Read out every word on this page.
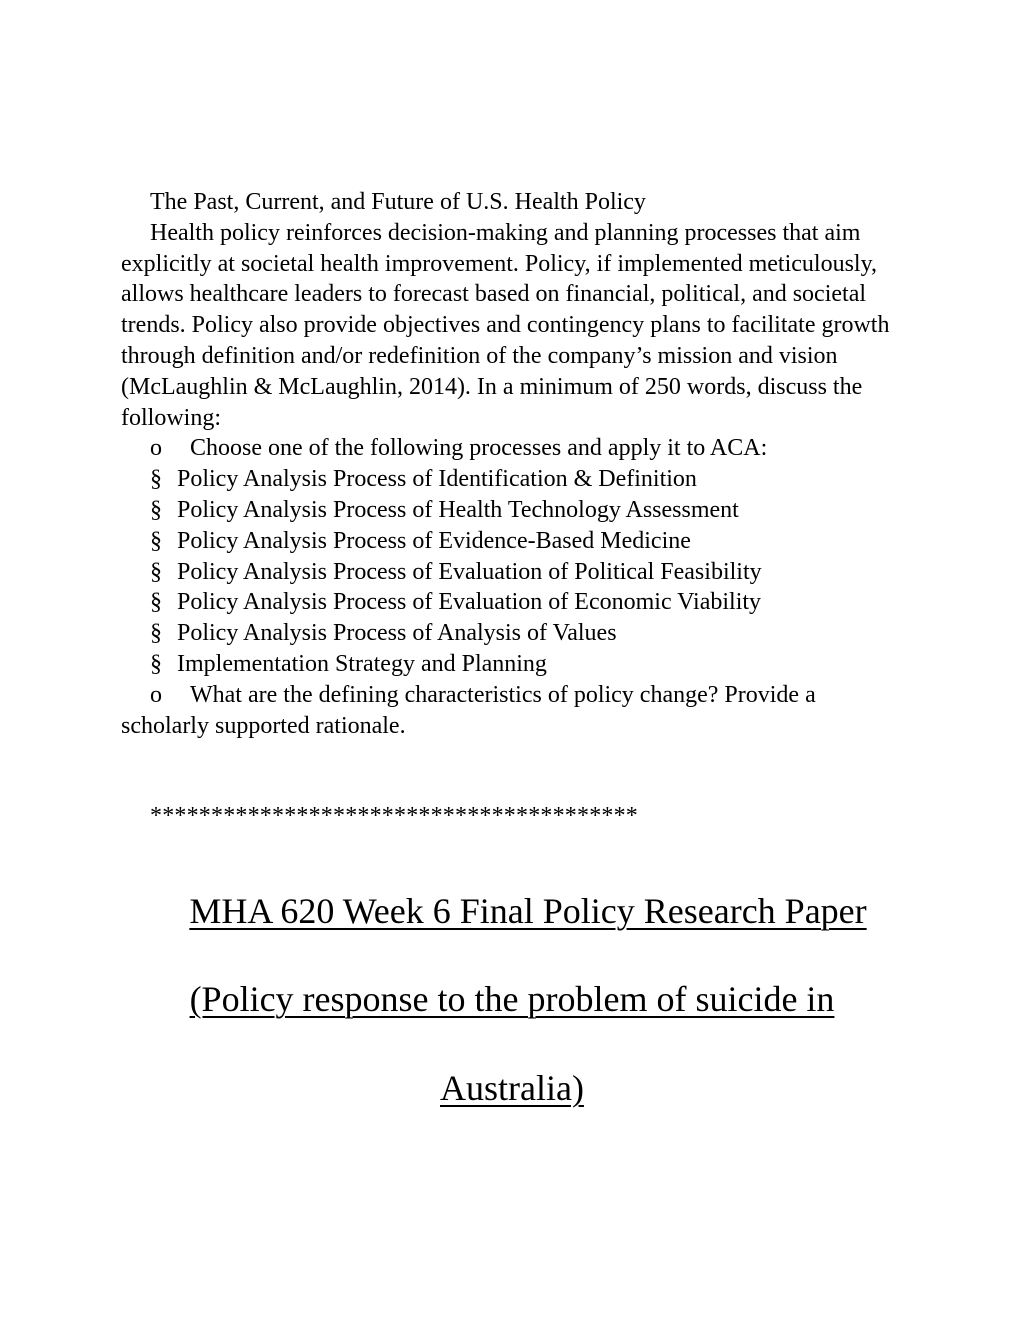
The Past, Current, and Future of U.S. Health Policy

Health policy reinforces decision-making and planning processes that aim explicitly at societal health improvement. Policy, if implemented meticulously, allows healthcare leaders to forecast based on financial, political, and societal trends. Policy also provide objectives and contingency plans to facilitate growth through definition and/or redefinition of the company’s mission and vision (McLaughlin & McLaughlin, 2014). In a minimum of 250 words, discuss the following:

o Choose one of the following processes and apply it to ACA:

§ Policy Analysis Process of Identification & Definition

§ Policy Analysis Process of Health Technology Assessment

§ Policy Analysis Process of Evidence-Based Medicine

§ Policy Analysis Process of Evaluation of Political Feasibility

§ Policy Analysis Process of Evaluation of Economic Viability

§ Policy Analysis Process of Analysis of Values

§ Implementation Strategy and Planning

o What are the defining characteristics of policy change? Provide a scholarly supported rationale.

****************************************
MHA 620 Week 6 Final Policy Research Paper
(Policy response to the problem of suicide in
Australia)
